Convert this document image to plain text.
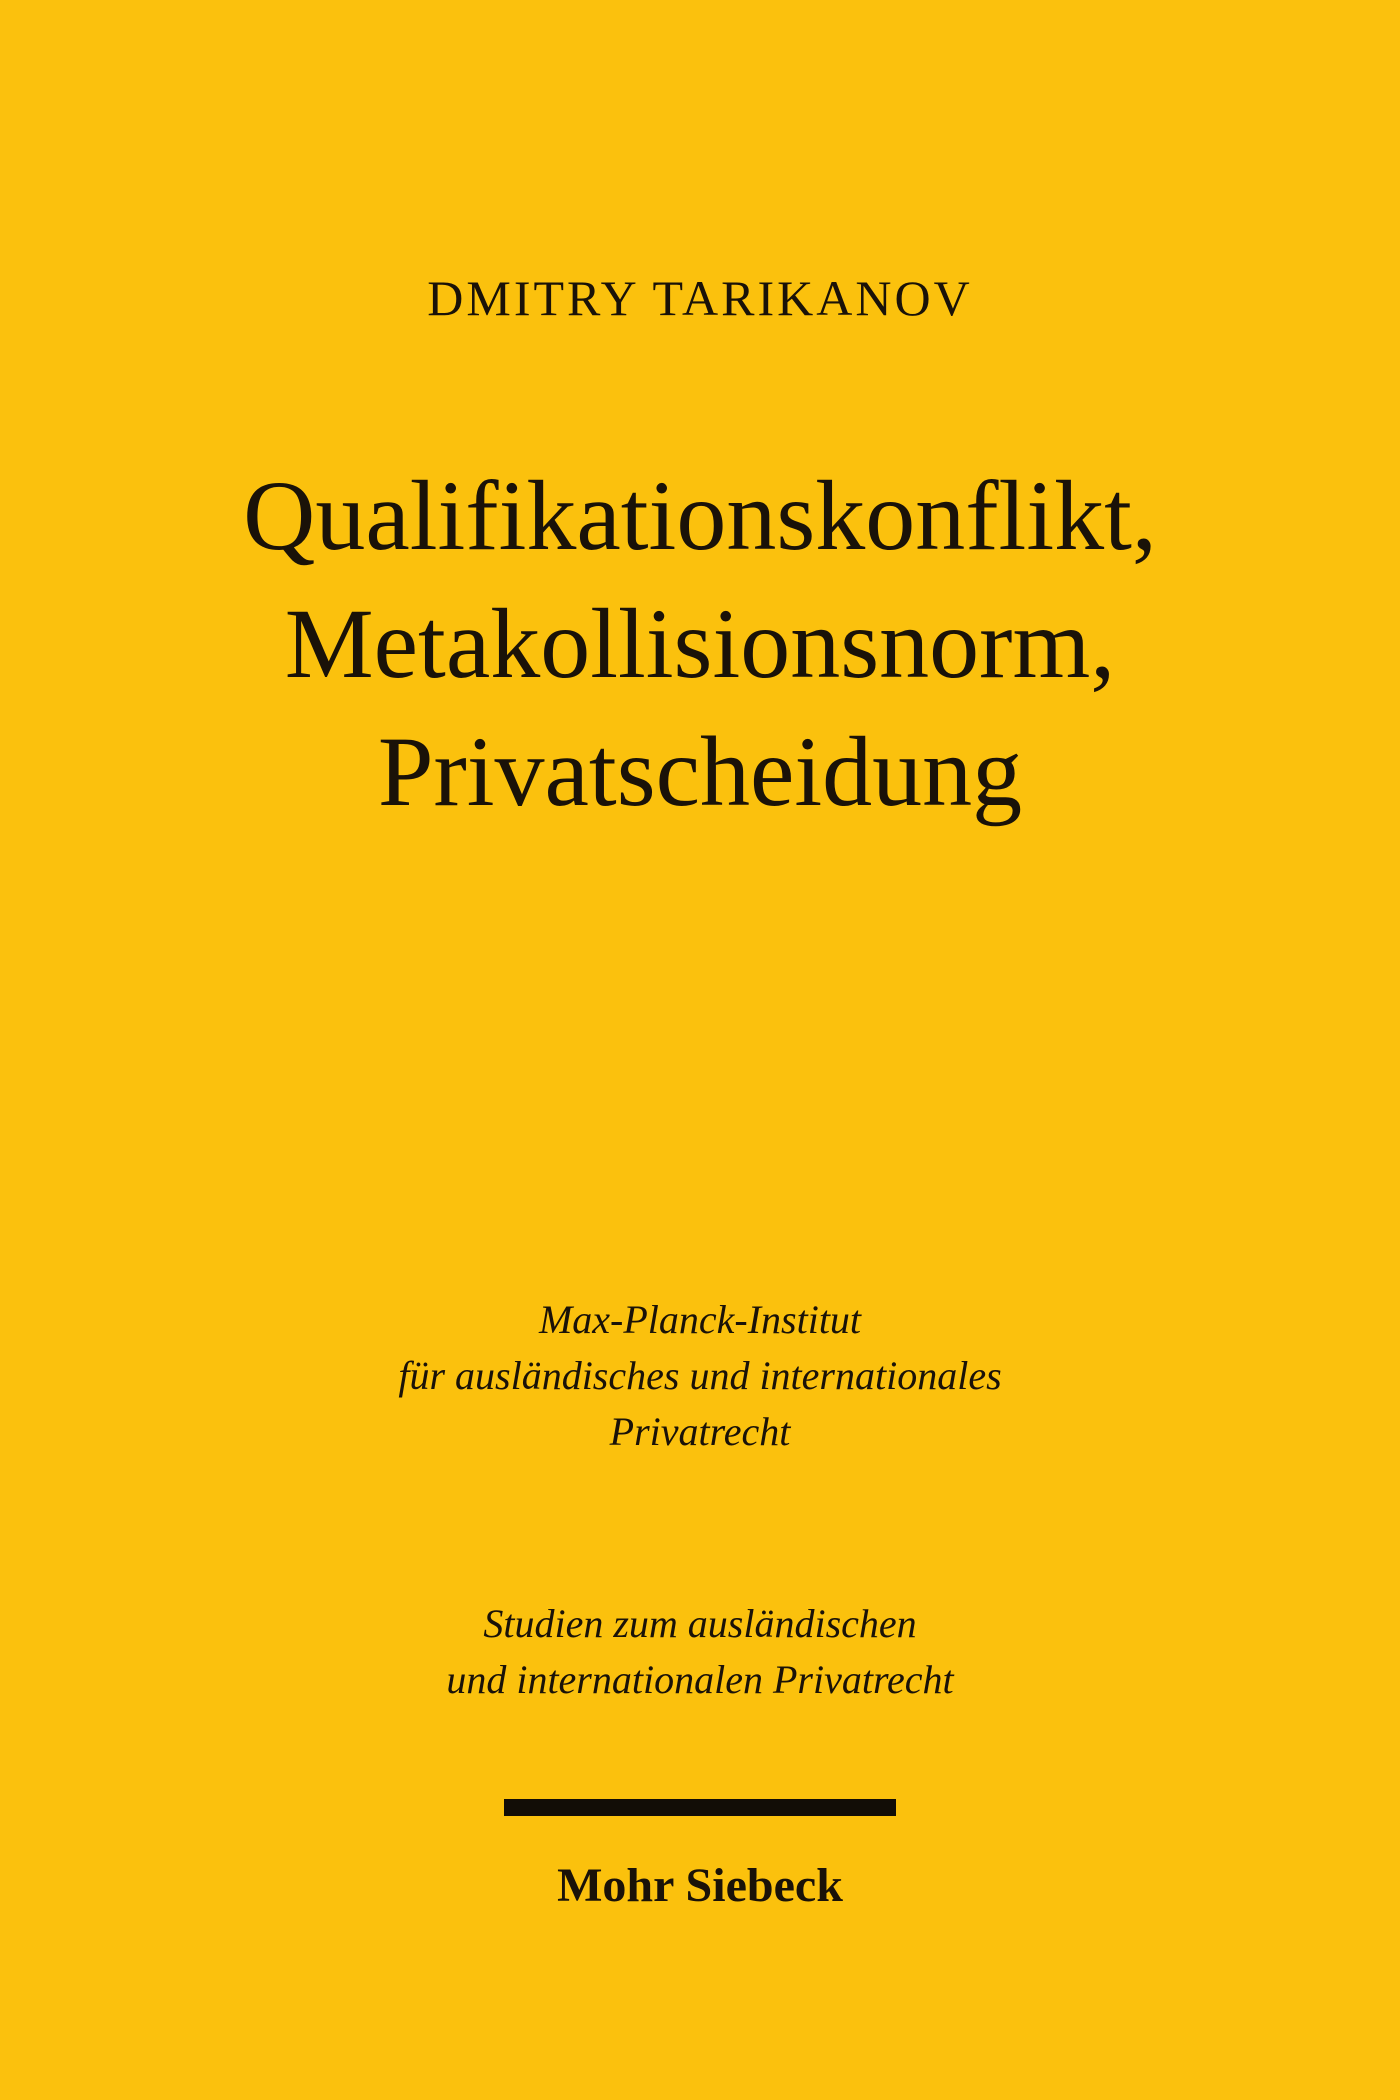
DMITRY TARIKANOV
Qualifikationskonflikt,
Metakollisionsnorm,
Privatscheidung
Max-Planck-Institut
für ausländisches und internationales
Privatrecht
Studien zum ausländischen
und internationalen Privatrecht
Mohr Siebeck
